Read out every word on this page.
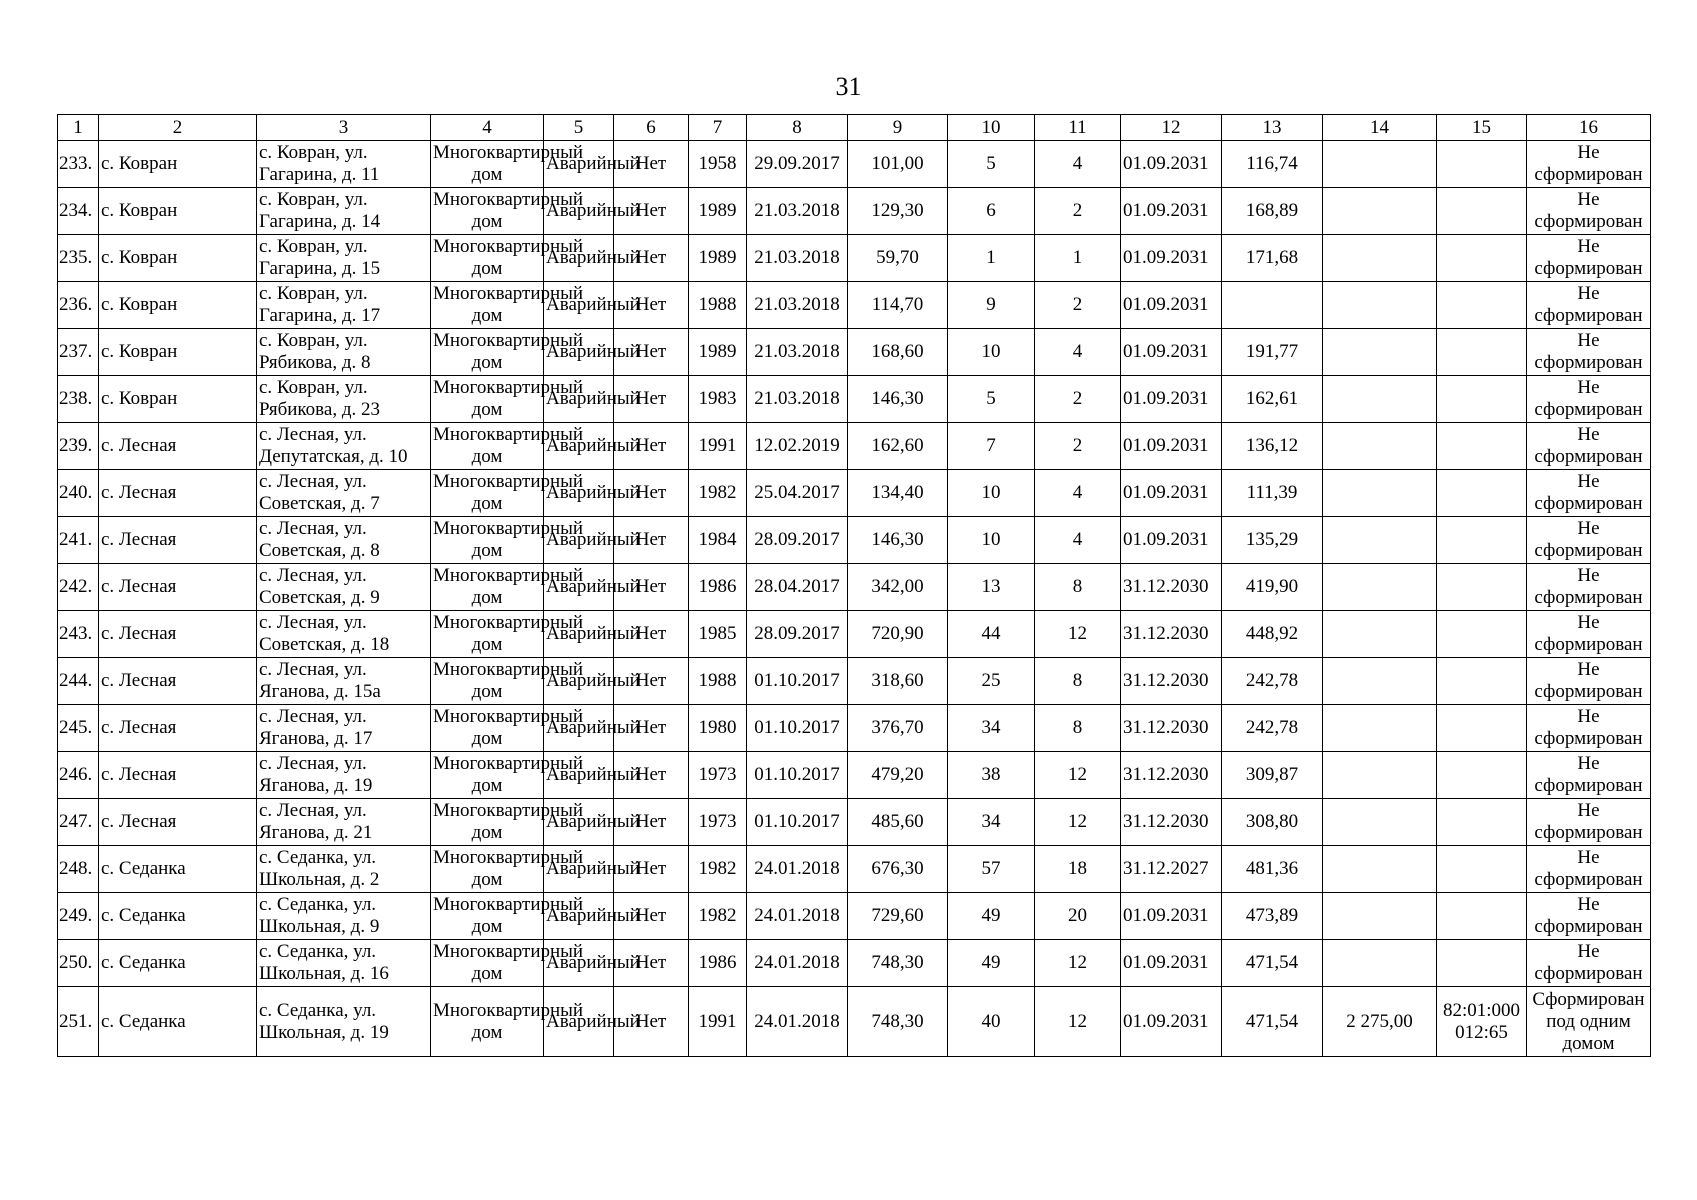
31
1	2	3	4	5	6	7	8	9	10	11	12	13	14	15	16
233.	с. Ковран	с. Ковран, ул.
Гагарина, д. 11	Многоквартирный дом	Аварийный	Нет	1958	29.09.2017	101,00	5	4	01.09.2031	116,74			Не
сформирован
234.	с. Ковран	с. Ковран, ул.
Гагарина, д. 14	Многоквартирный дом	Аварийный	Нет	1989	21.03.2018	129,30	6	2	01.09.2031	168,89			Не
сформирован
235.	с. Ковран	с. Ковран, ул.
Гагарина, д. 15	Многоквартирный дом	Аварийный	Нет	1989	21.03.2018	59,70	1	1	01.09.2031	171,68			Не
сформирован
236.	с. Ковран	с. Ковран, ул.
Гагарина, д. 17	Многоквартирный дом	Аварийный	Нет	1988	21.03.2018	114,70	9	2	01.09.2031				Не
сформирован
237.	с. Ковран	с. Ковран, ул.
Рябикова, д. 8	Многоквартирный дом	Аварийный	Нет	1989	21.03.2018	168,60	10	4	01.09.2031	191,77			Не
сформирован
238.	с. Ковран	с. Ковран, ул.
Рябикова, д. 23	Многоквартирный дом	Аварийный	Нет	1983	21.03.2018	146,30	5	2	01.09.2031	162,61			Не
сформирован
239.	с. Лесная	с. Лесная, ул.
Депутатская, д. 10	Многоквартирный дом	Аварийный	Нет	1991	12.02.2019	162,60	7	2	01.09.2031	136,12			Не
сформирован
240.	с. Лесная	с. Лесная, ул.
Советская, д. 7	Многоквартирный дом	Аварийный	Нет	1982	25.04.2017	134,40	10	4	01.09.2031	111,39			Не
сформирован
241.	с. Лесная	с. Лесная, ул.
Советская, д. 8	Многоквартирный дом	Аварийный	Нет	1984	28.09.2017	146,30	10	4	01.09.2031	135,29			Не
сформирован
242.	с. Лесная	с. Лесная, ул.
Советская, д. 9	Многоквартирный дом	Аварийный	Нет	1986	28.04.2017	342,00	13	8	31.12.2030	419,90			Не
сформирован
243.	с. Лесная	с. Лесная, ул.
Советская, д. 18	Многоквартирный дом	Аварийный	Нет	1985	28.09.2017	720,90	44	12	31.12.2030	448,92			Не
сформирован
244.	с. Лесная	с. Лесная, ул.
Яганова, д. 15а	Многоквартирный дом	Аварийный	Нет	1988	01.10.2017	318,60	25	8	31.12.2030	242,78			Не
сформирован
245.	с. Лесная	с. Лесная, ул.
Яганова, д. 17	Многоквартирный дом	Аварийный	Нет	1980	01.10.2017	376,70	34	8	31.12.2030	242,78			Не
сформирован
246.	с. Лесная	с. Лесная, ул.
Яганова, д. 19	Многоквартирный дом	Аварийный	Нет	1973	01.10.2017	479,20	38	12	31.12.2030	309,87			Не
сформирован
247.	с. Лесная	с. Лесная, ул.
Яганова, д. 21	Многоквартирный дом	Аварийный	Нет	1973	01.10.2017	485,60	34	12	31.12.2030	308,80			Не
сформирован
248.	с. Седанка	с. Седанка, ул.
Школьная, д. 2	Многоквартирный дом	Аварийный	Нет	1982	24.01.2018	676,30	57	18	31.12.2027	481,36			Не
сформирован
249.	с. Седанка	с. Седанка, ул.
Школьная, д. 9	Многоквартирный дом	Аварийный	Нет	1982	24.01.2018	729,60	49	20	01.09.2031	473,89			Не
сформирован
250.	с. Седанка	с. Седанка, ул.
Школьная, д. 16	Многоквартирный дом	Аварийный	Нет	1986	24.01.2018	748,30	49	12	01.09.2031	471,54			Не
сформирован
251.	с. Седанка	с. Седанка, ул.
Школьная, д. 19	Многоквартирный дом	Аварийный	Нет	1991	24.01.2018	748,30	40	12	01.09.2031	471,54	2 275,00	82:01:000
012:65	Сформирован
под одним
домом
